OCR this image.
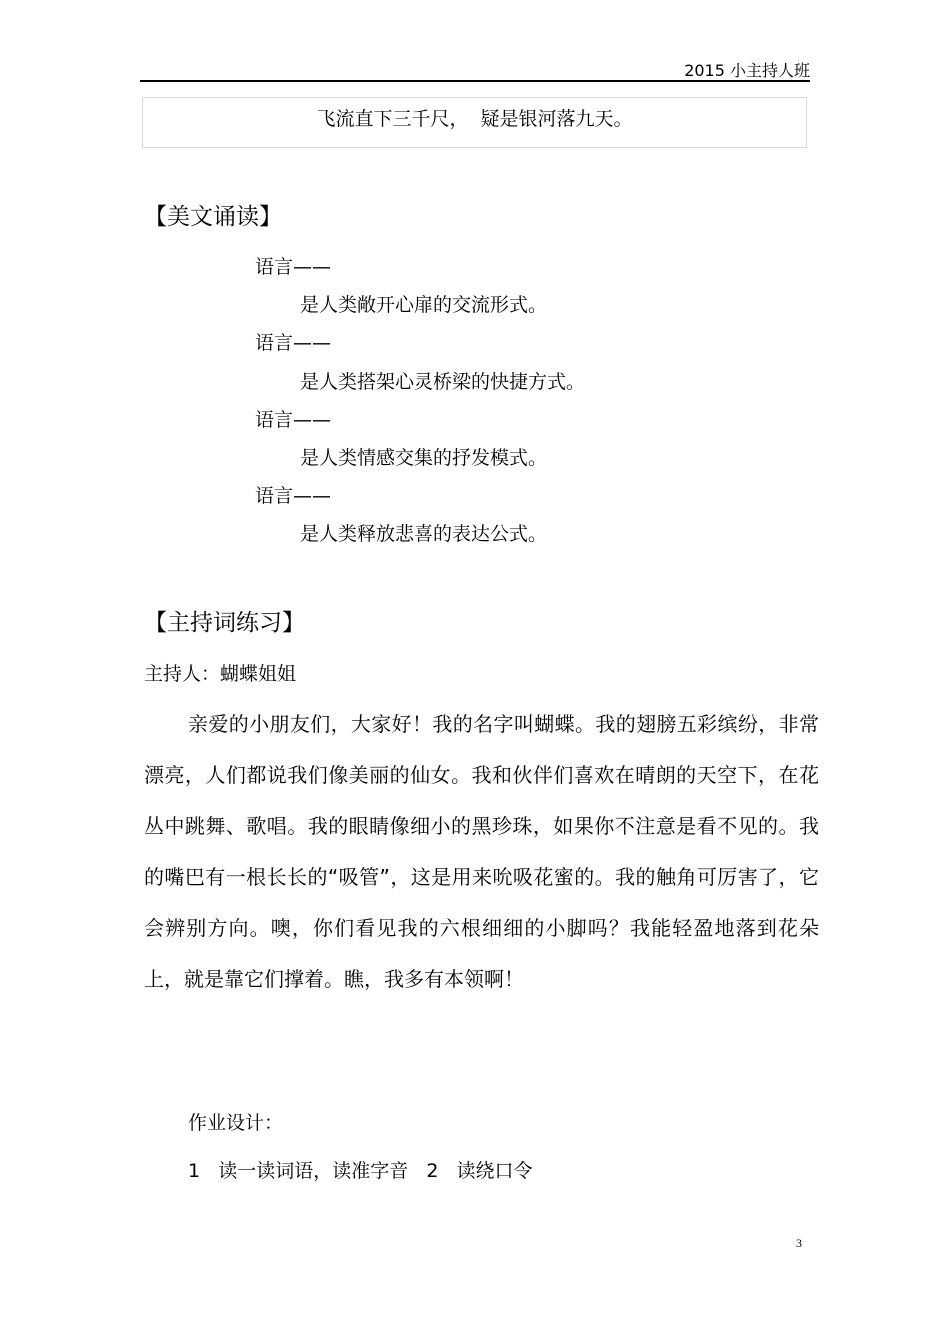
2015 小主持人班
飞流直下三千尺，  疑是银河落九天。
【美文诵读】
语言——
是人类敞开心扉的交流形式。
语言——
是人类搭架心灵桥梁的快捷方式。
语言——
是人类情感交集的抒发模式。
语言——
是人类释放悲喜的表达公式。
【主持词练习】
主持人：蝴蝶姐姐
亲爱的小朋友们，大家好！我的名字叫蝴蝶。我的翅膀五彩缤纷，非常漂亮，人们都说我们像美丽的仙女。我和伙伴们喜欢在晴朗的天空下，在花丛中跳舞、歌唱。我的眼睛像细小的黑珍珠，如果你不注意是看不见的。我的嘴巴有一根长长的“吸管”，这是用来吮吸花蜜的。我的触角可厉害了，它会辨别方向。噢，你们看见我的六根细细的小脚吗？我能轻盈地落到花朵上，就是靠它们撑着。瞧，我多有本领啊！
作业设计：
1   读一读词语，读准字音   2   读绕口令
3
